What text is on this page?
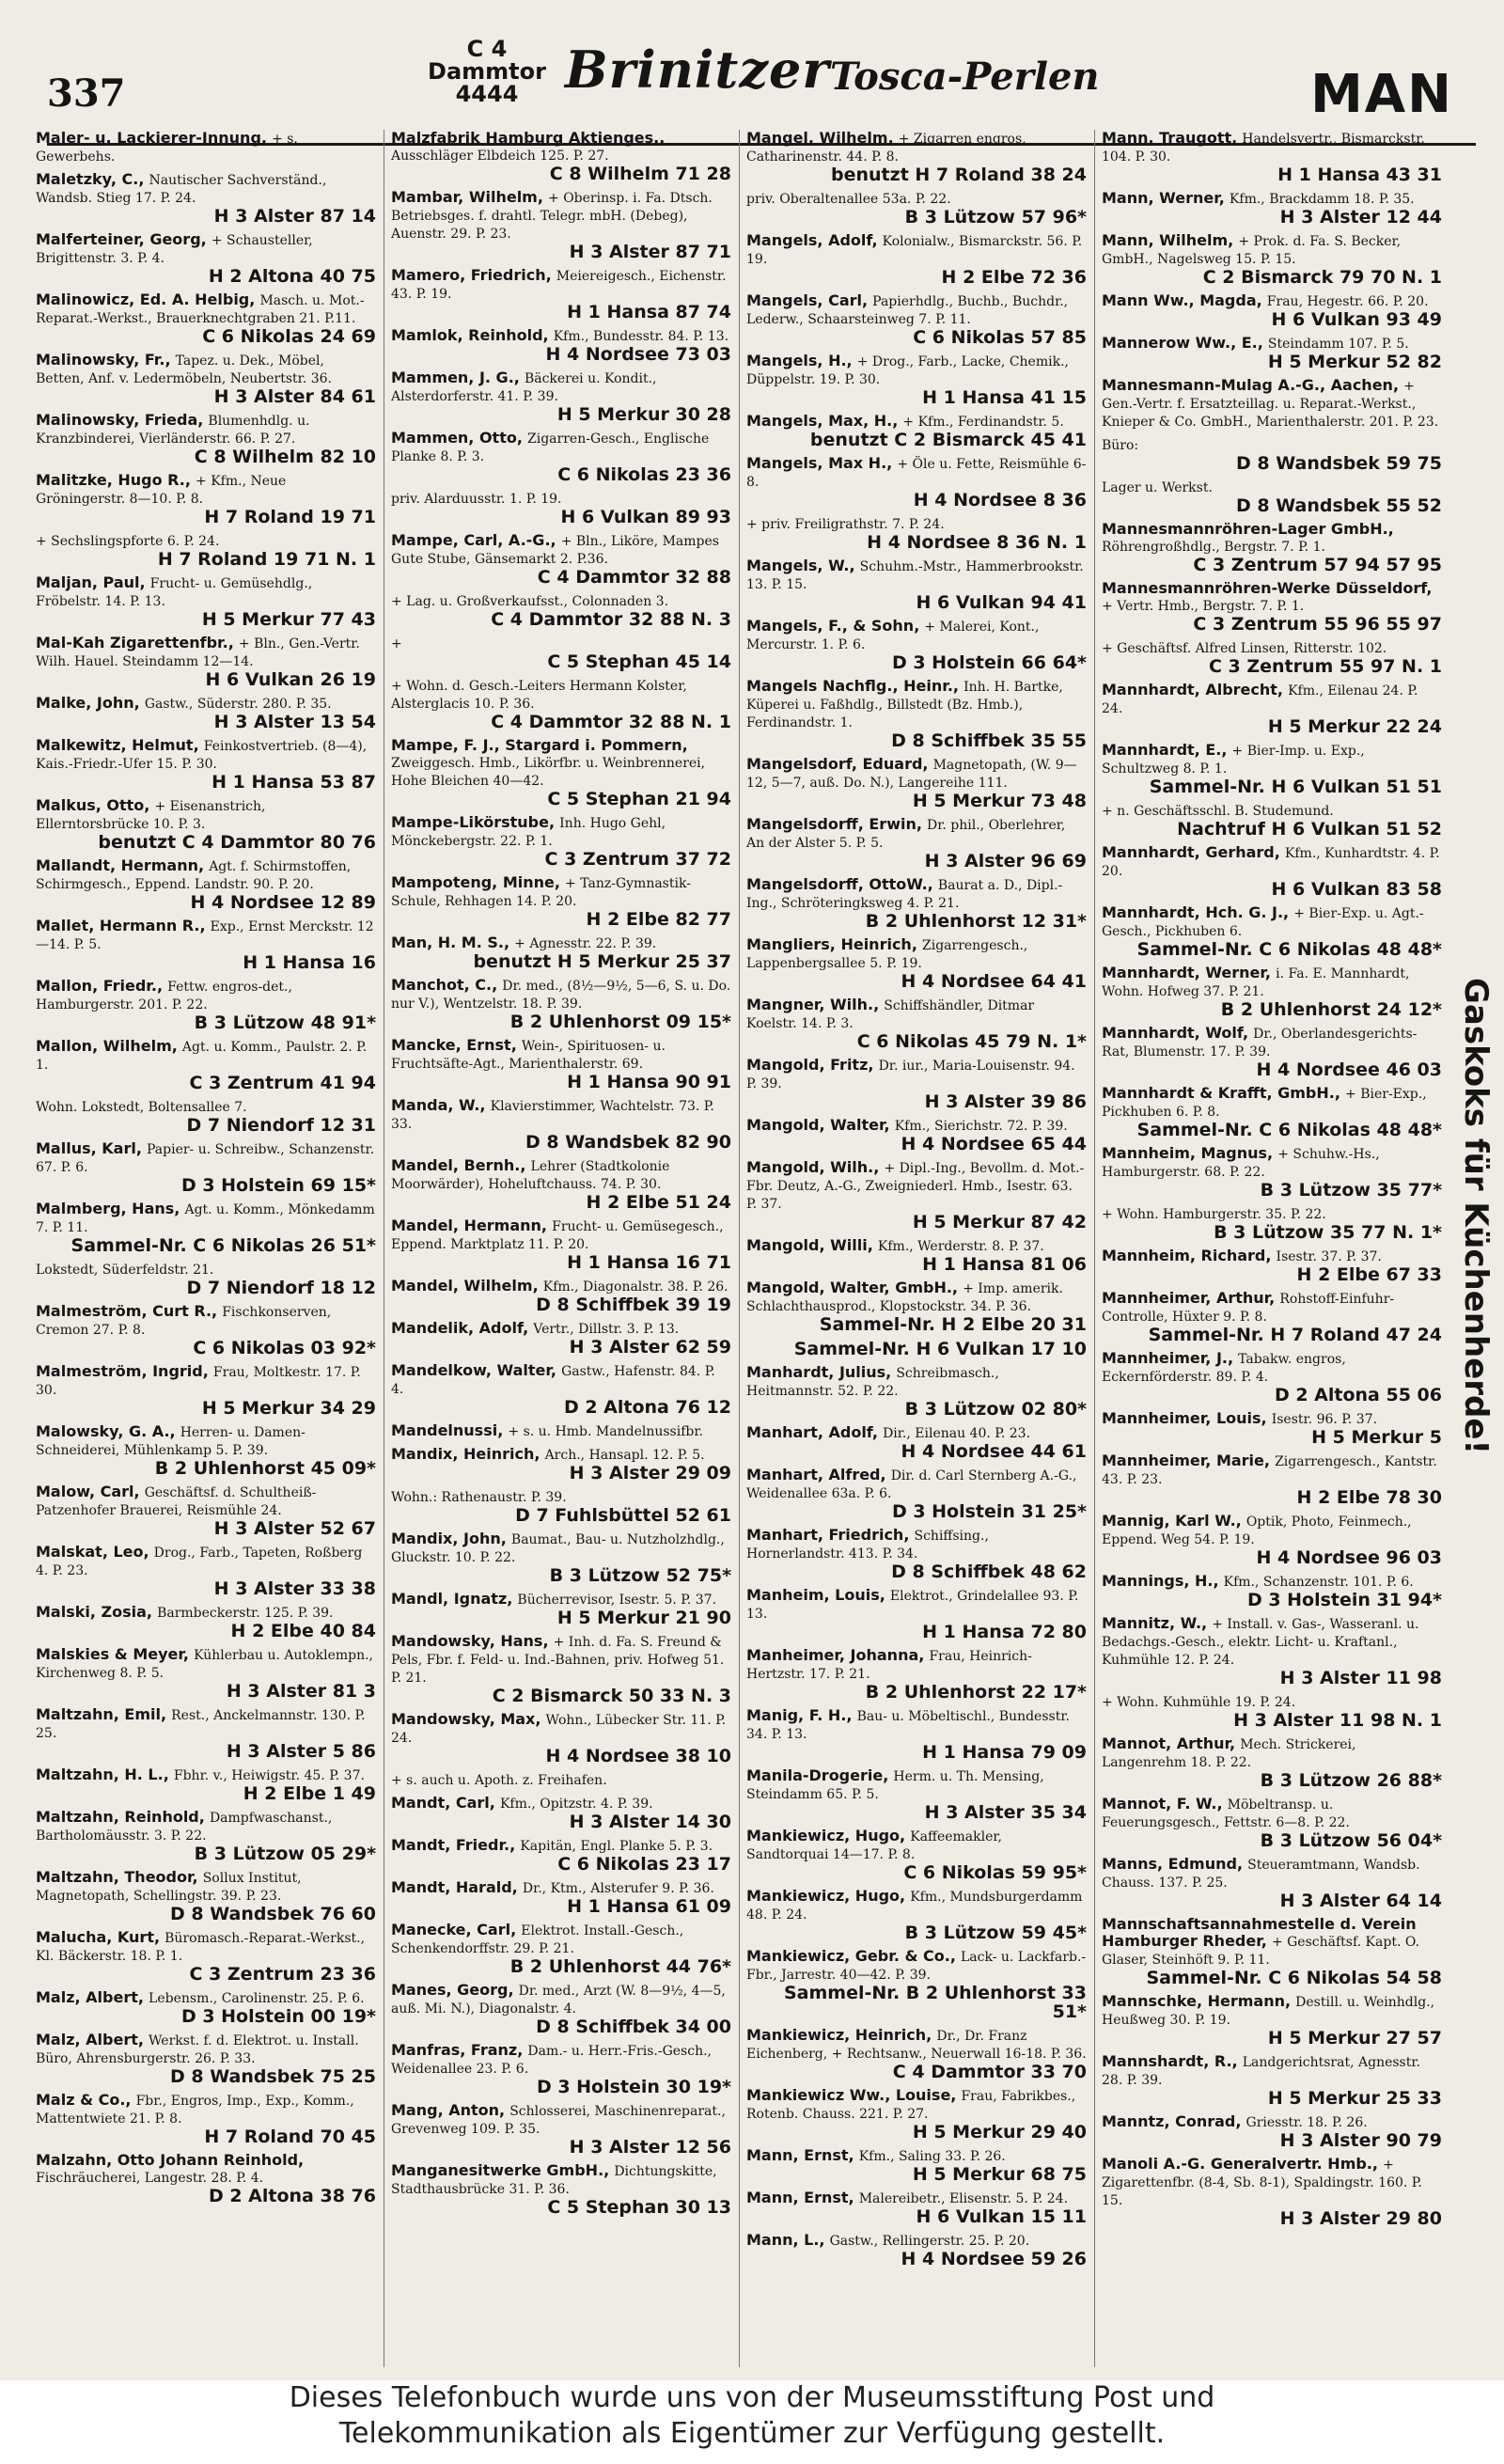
337
C 4 Dammtor
4444 Brinitzer Tosca-Perlen	MAN
Maler- u. Lackierer-Innung, + s. Gewerbehs.
Maletzky, C., Nautischer Sachverständ., Wandsb. Stieg 17. P. 24.
H 3 Alster 87 14
Malferteiner, Georg, + Schausteller, Brigittenstr. 3. P. 4.
H 2 Altona 40 75
Malinowicz, Ed. A. Helbig, Masch. u. Mot.-Reparat.-Werkst., Brauerknechtgraben 21. P.11.
C 6 Nikolas 24 69
Malinowsky, Fr., Tapez. u. Dek., Möbel, Betten, Anf. v. Ledermöbeln, Neubertstr. 36.
H 3 Alster 84 61
Malinowsky, Frieda, Blumenhdlg. u. Kranzbinderei, Vierländerstr. 66. P. 27.
C 8 Wilhelm 82 10
Malitzke, Hugo R., + Kfm., Neue Gröningerstr. 8—10. P. 8.
H 7 Roland 19 71
+ Sechslingspforte 6. P. 24.
H 7 Roland 19 71 N. 1
Maljan, Paul, Frucht- u. Gemüsehdlg., Fröbelstr. 14. P. 13.
H 5 Merkur 77 43
Mal-Kah Zigarettenfbr., + Bln., Gen.-Vertr. Wilh. Hauel. Steindamm 12—14.
H 6 Vulkan 26 19
Malke, John, Gastw., Süderstr. 280. P. 35.
H 3 Alster 13 54
Malkewitz, Helmut, Feinkostvertrieb. (8—4), Kais.-Friedr.-Ufer 15. P. 30.
H 1 Hansa 53 87
Malkus, Otto, + Eisenanstrich, Ellerntorsbrücke 10. P. 3.
benutzt C 4 Dammtor 80 76
Mallandt, Hermann, Agt. f. Schirmstoffen, Schirmgesch., Eppend. Landstr. 90. P. 20.
H 4 Nordsee 12 89
Mallet, Hermann R., Exp., Ernst Merckstr. 12—14. P. 5.
H 1 Hansa 16
Mallon, Friedr., Fettw. engros-det., Hamburgerstr. 201. P. 22.
B 3 Lützow 48 91*
Mallon, Wilhelm, Agt. u. Komm., Paulstr. 2. P. 1.
C 3 Zentrum 41 94
Wohn. Lokstedt, Boltensallee 7.
D 7 Niendorf 12 31
Mallus, Karl, Papier- u. Schreibw., Schanzenstr. 67. P. 6.
D 3 Holstein 69 15*
Malmberg, Hans, Agt. u. Komm., Mönkedamm 7. P. 11.
Sammel-Nr. C 6 Nikolas 26 51*
Lokstedt, Süderfeldstr. 21.
D 7 Niendorf 18 12
Malmeström, Curt R., Fischkonserven, Cremon 27. P. 8.
C 6 Nikolas 03 92*
Malmeström, Ingrid, Frau, Moltkestr. 17. P. 30.
H 5 Merkur 34 29
Malowsky, G. A., Herren- u. Damen-Schneiderei, Mühlenkamp 5. P. 39.
B 2 Uhlenhorst 45 09*
Malow, Carl, Geschäftsf. d. Schultheiß-Patzenhofer Brauerei, Reismühle 24.
H 3 Alster 52 67
Malskat, Leo, Drog., Farb., Tapeten, Roßberg 4. P. 23.
H 3 Alster 33 38
Malski, Zosia, Barmbeckerstr. 125. P. 39.
H 2 Elbe 40 84
Malskies & Meyer, Kühlerbau u. Autoklempn., Kirchenweg 8. P. 5.
H 3 Alster 81 3
Maltzahn, Emil, Rest., Anckelmannstr. 130. P. 25.
H 3 Alster 5 86
Maltzahn, H. L., Fbhr. v., Heiwigstr. 45. P. 37.
H 2 Elbe 1 49
Maltzahn, Reinhold, Dampfwaschanst., Bartholomäusstr. 3. P. 22.
B 3 Lützow 05 29*
Maltzahn, Theodor, Sollux Institut, Magnetopath, Schellingstr. 39. P. 23.
D 8 Wandsbek 76 60
Malucha, Kurt, Büromasch.-Reparat.-Werkst., Kl. Bäckerstr. 18. P. 1.
C 3 Zentrum 23 36
Malz, Albert, Lebensm., Carolinenstr. 25. P. 6.
D 3 Holstein 00 19*
Malz, Albert, Werkst. f. d. Elektrot. u. Install. Büro, Ahrensburgerstr. 26. P. 33.
D 8 Wandsbek 75 25
Malz & Co., Fbr., Engros, Imp., Exp., Komm., Mattentwiete 21. P. 8.
H 7 Roland 70 45
Malzahn, Otto Johann Reinhold, Fischräucherei, Langestr. 28. P. 4.
D 2 Altona 38 76
Malzfabrik Hamburg Aktienges., Ausschläger Elbdeich 125. P. 27.
C 8 Wilhelm 71 28
Mambar, Wilhelm, + Oberinsp. i. Fa. Dtsch. Betriebsges. f. drahtl. Telegr. mbH. (Debeg), Auenstr. 29. P. 23.
H 3 Alster 87 71
Mamero, Friedrich, Meiereigesch., Eichenstr. 43. P. 19.
H 1 Hansa 87 74
Mamlok, Reinhold, Kfm., Bundesstr. 84. P. 13.
H 4 Nordsee 73 03
Mammen, J. G., Bäckerei u. Kondit., Alsterdorferstr. 41. P. 39.
H 5 Merkur 30 28
Mammen, Otto, Zigarren-Gesch., Englische Planke 8. P. 3.
C 6 Nikolas 23 36
priv. Alarduusstr. 1. P. 19.
H 6 Vulkan 89 93
Mampe, Carl, A.-G., + Bln., Liköre, Mampes Gute Stube, Gänsemarkt 2. P.36.
C 4 Dammtor 32 88
+ Lag. u. Großverkaufsst., Colonnaden 3.
C 4 Dammtor 32 88 N. 3
+
C 5 Stephan 45 14
+ Wohn. d. Gesch.-Leiters Hermann Kolster, Alsterglacis 10. P. 36.
C 4 Dammtor 32 88 N. 1
Mampe, F. J., Stargard i. Pommern, Zweiggesch. Hmb., Likörfbr. u. Weinbrennerei, Hohe Bleichen 40—42.
C 5 Stephan 21 94
Mampe-Likörstube, Inh. Hugo Gehl, Mönckebergstr. 22. P. 1.
C 3 Zentrum 37 72
Mampoteng, Minne, + Tanz-Gymnastik-Schule, Rehhagen 14. P. 20.
H 2 Elbe 82 77
Man, H. M. S., + Agnesstr. 22. P. 39.
benutzt H 5 Merkur 25 37
Manchot, C., Dr. med., (8½—9½, 5—6, S. u. Do. nur V.), Wentzelstr. 18. P. 39.
B 2 Uhlenhorst 09 15*
Mancke, Ernst, Wein-, Spirituosen- u. Fruchtsäfte-Agt., Marienthalerstr. 69.
H 1 Hansa 90 91
Manda, W., Klavierstimmer, Wachtelstr. 73. P. 33.
D 8 Wandsbek 82 90
Mandel, Bernh., Lehrer (Stadtkolonie Moorwärder), Hoheluftchauss. 74. P. 30.
H 2 Elbe 51 24
Mandel, Hermann, Frucht- u. Gemüsegesch., Eppend. Marktplatz 11. P. 20.
H 1 Hansa 16 71
Mandel, Wilhelm, Kfm., Diagonalstr. 38. P. 26.
D 8 Schiffbek 39 19
Mandelik, Adolf, Vertr., Dillstr. 3. P. 13.
H 3 Alster 62 59
Mandelkow, Walter, Gastw., Hafenstr. 84. P. 4.
D 2 Altona 76 12
Mandelnussi, + s. u. Hmb. Mandelnussifbr.
Mandix, Heinrich, Arch., Hansapl. 12. P. 5.
H 3 Alster 29 09
Wohn.: Rathenaustr. P. 39.
D 7 Fuhlsbüttel 52 61
Mandix, John, Baumat., Bau- u. Nutzholzhdlg., Gluckstr. 10. P. 22.
B 3 Lützow 52 75*
Mandl, Ignatz, Bücherrevisor, Isestr. 5. P. 37.
H 5 Merkur 21 90
Mandowsky, Hans, + Inh. d. Fa. S. Freund & Pels, Fbr. f. Feld- u. Ind.-Bahnen, priv. Hofweg 51. P. 21.
C 2 Bismarck 50 33 N. 3
Mandowsky, Max, Wohn., Lübecker Str. 11. P. 24.
H 4 Nordsee 38 10
+ s. auch u. Apoth. z. Freihafen.
Mandt, Carl, Kfm., Opitzstr. 4. P. 39.
H 3 Alster 14 30
Mandt, Friedr., Kapitän, Engl. Planke 5. P. 3.
C 6 Nikolas 23 17
Mandt, Harald, Dr., Ktm., Alsterufer 9. P. 36.
H 1 Hansa 61 09
Manecke, Carl, Elektrot. Install.-Gesch., Schenkendorffstr. 29. P. 21.
B 2 Uhlenhorst 44 76*
Manes, Georg, Dr. med., Arzt (W. 8—9½, 4—5, auß. Mi. N.), Diagonalstr. 4.
D 8 Schiffbek 34 00
Manfras, Franz, Dam.- u. Herr.-Fris.-Gesch., Weidenallee 23. P. 6.
D 3 Holstein 30 19*
Mang, Anton, Schlosserei, Maschinenreparat., Grevenweg 109. P. 35.
H 3 Alster 12 56
Manganesitwerke GmbH., Dichtungskitte, Stadthausbrücke 31. P. 36.
C 5 Stephan 30 13
Mangel, Wilhelm, + Zigarren engros, Catharinenstr. 44. P. 8.
benutzt H 7 Roland 38 24
priv. Oberaltenallee 53a. P. 22.
B 3 Lützow 57 96*
Mangels, Adolf, Kolonialw., Bismarckstr. 56. P. 19.
H 2 Elbe 72 36
Mangels, Carl, Papierhdlg., Buchb., Buchdr., Lederw., Schaarsteinweg 7. P. 11.
C 6 Nikolas 57 85
Mangels, H., + Drog., Farb., Lacke, Chemik., Düppelstr. 19. P. 30.
H 1 Hansa 41 15
Mangels, Max, H., + Kfm., Ferdinandstr. 5.
benutzt C 2 Bismarck 45 41
Mangels, Max H., + Öle u. Fette, Reismühle 6-8.
H 4 Nordsee 8 36
+ priv. Freiligrathstr. 7. P. 24.
H 4 Nordsee 8 36 N. 1
Mangels, W., Schuhm.-Mstr., Hammerbrookstr. 13. P. 15.
H 6 Vulkan 94 41
Mangels, F., & Sohn, + Malerei, Kont., Mercurstr. 1. P. 6.
D 3 Holstein 66 64*
Mangels Nachflg., Heinr., Inh. H. Bartke, Küperei u. Faßhdlg., Billstedt (Bz. Hmb.), Ferdinandstr. 1.
D 8 Schiffbek 35 55
Mangelsdorf, Eduard, Magnetopath, (W. 9—12, 5—7, auß. Do. N.), Langereihe 111.
H 5 Merkur 73 48
Mangelsdorff, Erwin, Dr. phil., Oberlehrer, An der Alster 5. P. 5.
H 3 Alster 96 69
Mangelsdorff, OttoW., Baurat a. D., Dipl.-Ing., Schröteringksweg 4. P. 21.
B 2 Uhlenhorst 12 31*
Mangliers, Heinrich, Zigarrengesch., Lappenbergsallee 5. P. 19.
H 4 Nordsee 64 41
Mangner, Wilh., Schiffshändler, Ditmar Koelstr. 14. P. 3.
C 6 Nikolas 45 79 N. 1*
Mangold, Fritz, Dr. iur., Maria-Louisenstr. 94. P. 39.
H 3 Alster 39 86
Mangold, Walter, Kfm., Sierichstr. 72. P. 39.
H 4 Nordsee 65 44
Mangold, Wilh., + Dipl.-Ing., Bevollm. d. Mot.-Fbr. Deutz, A.-G., Zweigniederl. Hmb., Isestr. 63. P. 37.
H 5 Merkur 87 42
Mangold, Willi, Kfm., Werderstr. 8. P. 37.
H 1 Hansa 81 06
Mangold, Walter, GmbH., + Imp. amerik. Schlachthausprod., Klopstockstr. 34. P. 36.
Sammel-Nr. H 2 Elbe 20 31
Sammel-Nr. H 6 Vulkan 17 10
Manhardt, Julius, Schreibmasch., Heitmannstr. 52. P. 22.
B 3 Lützow 02 80*
Manhart, Adolf, Dir., Eilenau 40. P. 23.
H 4 Nordsee 44 61
Manhart, Alfred, Dir. d. Carl Sternberg A.-G., Weidenallee 63a. P. 6.
D 3 Holstein 31 25*
Manhart, Friedrich, Schiffsing., Hornerlandstr. 413. P. 34.
D 8 Schiffbek 48 62
Manheim, Louis, Elektrot., Grindelallee 93. P. 13.
H 1 Hansa 72 80
Manheimer, Johanna, Frau, Heinrich-Hertzstr. 17. P. 21.
B 2 Uhlenhorst 22 17*
Manig, F. H., Bau- u. Möbeltischl., Bundesstr. 34. P. 13.
H 1 Hansa 79 09
Manila-Drogerie, Herm. u. Th. Mensing, Steindamm 65. P. 5.
H 3 Alster 35 34
Mankiewicz, Hugo, Kaffeemakler, Sandtorquai 14—17. P. 8.
C 6 Nikolas 59 95*
Mankiewicz, Hugo, Kfm., Mundsburgerdamm 48. P. 24.
B 3 Lützow 59 45*
Mankiewicz, Gebr. & Co., Lack- u. Lackfarb.-Fbr., Jarrestr. 40—42. P. 39.
Sammel-Nr. B 2 Uhlenhorst 33 51*
Mankiewicz, Heinrich, Dr., Dr. Franz Eichenberg, + Rechtsanw., Neuerwall 16-18. P. 36.
C 4 Dammtor 33 70
Mankiewicz Ww., Louise, Frau, Fabrikbes., Rotenb. Chauss. 221. P. 27.
H 5 Merkur 29 40
Mann, Ernst, Kfm., Saling 33. P. 26.
H 5 Merkur 68 75
Mann, Ernst, Malereibetr., Elisenstr. 5. P. 24.
H 6 Vulkan 15 11
Mann, L., Gastw., Rellingerstr. 25. P. 20.
H 4 Nordsee 59 26
Mann, Traugott, Handelsvertr., Bismarckstr. 104. P. 30.
H 1 Hansa 43 31
Mann, Werner, Kfm., Brackdamm 18. P. 35.
H 3 Alster 12 44
Mann, Wilhelm, + Prok. d. Fa. S. Becker, GmbH., Nagelsweg 15. P. 15.
C 2 Bismarck 79 70 N. 1
Mann Ww., Magda, Frau, Hegestr. 66. P. 20.
H 6 Vulkan 93 49
Mannerow Ww., E., Steindamm 107. P. 5.
H 5 Merkur 52 82
Mannesmann-Mulag A.-G., Aachen, + Gen.-Vertr. f. Ersatzteillag. u. Reparat.-Werkst., Knieper & Co. GmbH., Marienthalerstr. 201. P. 23.
Büro:
D 8 Wandsbek 59 75
Lager u. Werkst.
D 8 Wandsbek 55 52
Mannesmannröhren-Lager GmbH., Röhrengroßhdlg., Bergstr. 7. P. 1.
C 3 Zentrum 57 94 57 95
Mannesmannröhren-Werke Düsseldorf, + Vertr. Hmb., Bergstr. 7. P. 1.
C 3 Zentrum 55 96 55 97
+ Geschäftsf. Alfred Linsen, Ritterstr. 102.
C 3 Zentrum 55 97 N. 1
Mannhardt, Albrecht, Kfm., Eilenau 24. P. 24.
H 5 Merkur 22 24
Mannhardt, E., + Bier-Imp. u. Exp., Schultzweg 8. P. 1.
Sammel-Nr. H 6 Vulkan 51 51
+ n. Geschäftsschl. B. Studemund.
Nachtruf H 6 Vulkan 51 52
Mannhardt, Gerhard, Kfm., Kunhardtstr. 4. P. 20.
H 6 Vulkan 83 58
Mannhardt, Hch. G. J., + Bier-Exp. u. Agt.-Gesch., Pickhuben 6.
Sammel-Nr. C 6 Nikolas 48 48*
Mannhardt, Werner, i. Fa. E. Mannhardt, Wohn. Hofweg 37. P. 21.
B 2 Uhlenhorst 24 12*
Mannhardt, Wolf, Dr., Oberlandesgerichts-Rat, Blumenstr. 17. P. 39.
H 4 Nordsee 46 03
Mannhardt & Krafft, GmbH., + Bier-Exp., Pickhuben 6. P. 8.
Sammel-Nr. C 6 Nikolas 48 48*
Mannheim, Magnus, + Schuhw.-Hs., Hamburgerstr. 68. P. 22.
B 3 Lützow 35 77*
+ Wohn. Hamburgerstr. 35. P. 22.
B 3 Lützow 35 77 N. 1*
Mannheim, Richard, Isestr. 37. P. 37.
H 2 Elbe 67 33
Mannheimer, Arthur, Rohstoff-Einfuhr-Controlle, Hüxter 9. P. 8.
Sammel-Nr. H 7 Roland 47 24
Mannheimer, J., Tabakw. engros, Eckernförderstr. 89. P. 4.
D 2 Altona 55 06
Mannheimer, Louis, Isestr. 96. P. 37.
H 5 Merkur 5
Mannheimer, Marie, Zigarrengesch., Kantstr. 43. P. 23.
H 2 Elbe 78 30
Mannig, Karl W., Optik, Photo, Feinmech., Eppend. Weg 54. P. 19.
H 4 Nordsee 96 03
Mannings, H., Kfm., Schanzenstr. 101. P. 6.
D 3 Holstein 31 94*
Mannitz, W., + Install. v. Gas-, Wasseranl. u. Bedachgs.-Gesch., elektr. Licht- u. Kraftanl., Kuhmühle 12. P. 24.
H 3 Alster 11 98
+ Wohn. Kuhmühle 19. P. 24.
H 3 Alster 11 98 N. 1
Mannot, Arthur, Mech. Strickerei, Langenrehm 18. P. 22.
B 3 Lützow 26 88*
Mannot, F. W., Möbeltransp. u. Feuerungsgesch., Fettstr. 6—8. P. 22.
B 3 Lützow 56 04*
Manns, Edmund, Steueramtmann, Wandsb. Chauss. 137. P. 25.
H 3 Alster 64 14
Mannschaftsannahmestelle d. Verein Hamburger Rheder, + Geschäftsf. Kapt. O. Glaser, Steinhöft 9. P. 11.
Sammel-Nr. C 6 Nikolas 54 58
Mannschke, Hermann, Destill. u. Weinhdlg., Heußweg 30. P. 19.
H 5 Merkur 27 57
Mannshardt, R., Landgerichtsrat, Agnesstr. 28. P. 39.
H 5 Merkur 25 33
Manntz, Conrad, Griesstr. 18. P. 26.
H 3 Alster 90 79
Manoli A.-G. Generalvertr. Hmb., + Zigarettenfbr. (8-4, Sb. 8-1), Spaldingstr. 160. P. 15.
H 3 Alster 29 80
Gaskoks für Küchenherde!
Dieses Telefonbuch wurde uns von der Museumsstiftung Post und
Telekommunikation als Eigentümer zur Verfügung gestellt.
